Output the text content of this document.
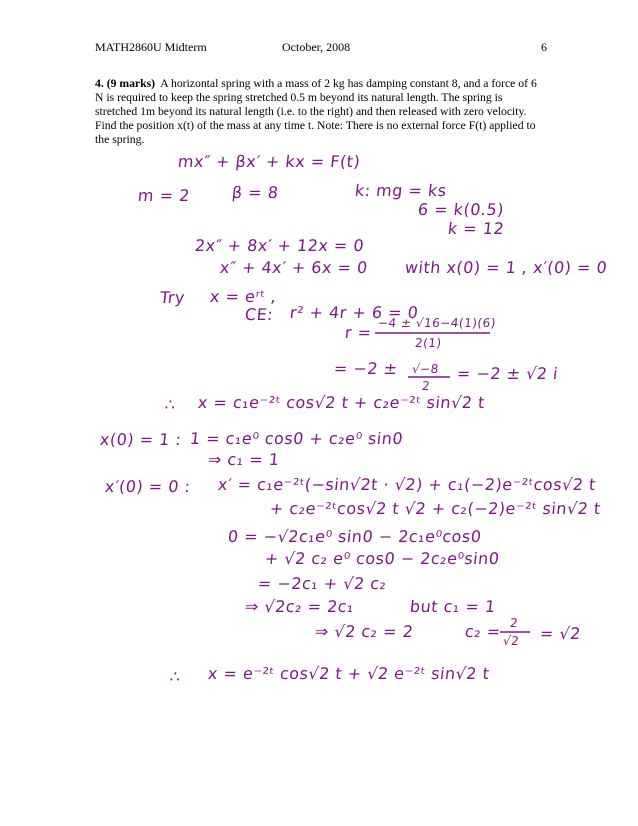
MATH2860U Midterm	October, 2008	6
4. (9 marks) A horizontal spring with a mass of 2 kg has damping constant 8, and a force of 6 N is required to keep the spring stretched 0.5 m beyond its natural length. The spring is stretched 1m beyond its natural length (i.e. to the right) and then released with zero velocity. Find the position x(t) of the mass at any time t. Note: There is no external force F(t) applied to the spring.
mx″ + βx′ + kx = F(t)
m = 2	β = 8	k: mg = ks
6 = k(0.5)
k = 12
2x″ + 8x′ + 12x = 0
x″ + 4x′ + 6x = 0 with x(0) = 1 , x′(0) = 0
Try x = eʳᵗ ,
CE: r² + 4r + 6 = 0
r = −4 ± √16−4(1)(6)
2(1)
= −2 ± √−8
2
= −2 ± √2 i
∴ x = c₁e⁻²ᵗ cos√2 t + c₂e⁻²ᵗ sin√2 t
x(0) = 1 : 1 = c₁e⁰ cos0 + c₂e⁰ sin0
⇒ c₁ = 1
x′(0) = 0 : x′ = c₁e⁻²ᵗ(−sin√2t · √2) + c₁(−2)e⁻²ᵗcos√2 t
+ c₂e⁻²ᵗcos√2 t √2 + c₂(−2)e⁻²ᵗ sin√2 t
0 = −√2c₁e⁰ sin0 − 2c₁e⁰cos0
+ √2 c₂ e⁰ cos0 − 2c₂e⁰sin0
= −2c₁ + √2 c₂
⇒ √2c₂ = 2c₁	but c₁ = 1
⇒ √2 c₂ = 2	c₂ = 2
√2 = √2
∴ x = e⁻²ᵗ cos√2 t + √2 e⁻²ᵗ sin√2 t
